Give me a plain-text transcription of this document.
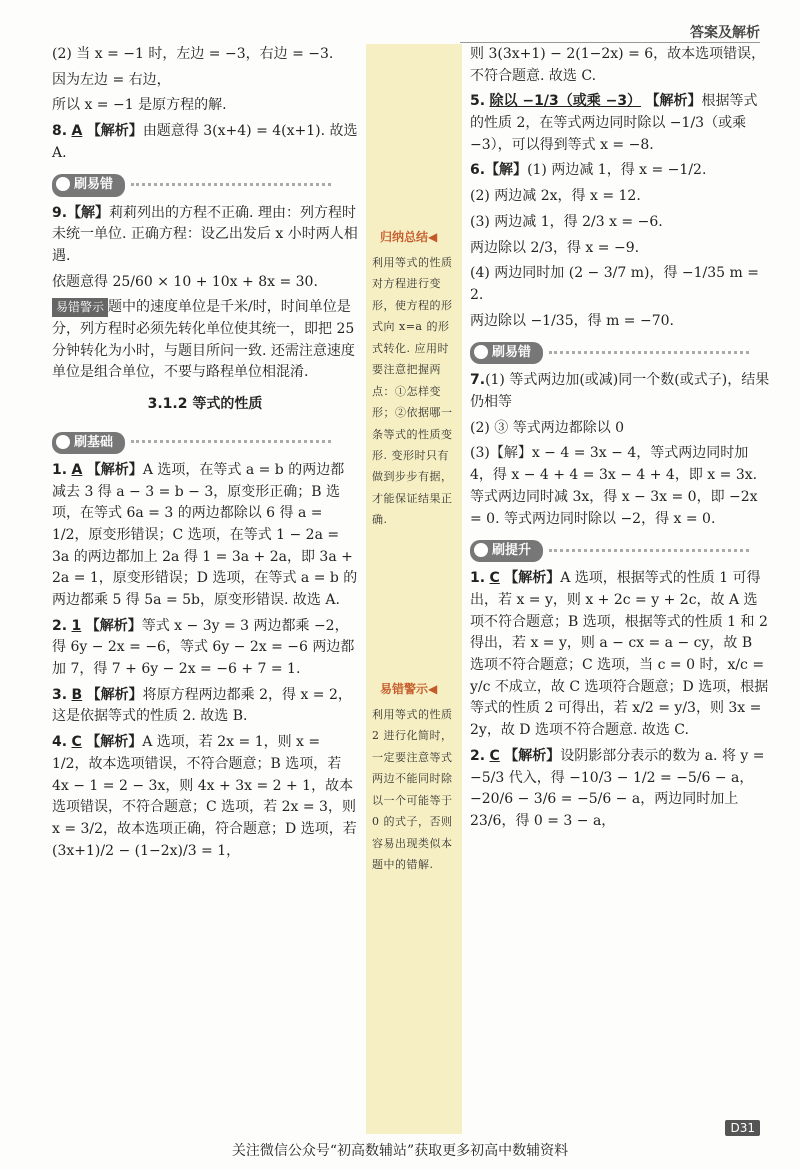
答案及解析
归纳总结◀
利用等式的性质对方程进行变形，使方程的形式向 x=a 的形式转化. 应用时要注意把握两点：①怎样变形；②依据哪一条等式的性质变形. 变形时只有做到步步有据，才能保证结果正确.
易错警示◀
利用等式的性质 2 进行化简时，一定要注意等式两边不能同时除以一个可能等于 0 的式子，否则容易出现类似本题中的错解.

(2) 当 x = −1 时，左边 = −3，右边 = −3.

因为左边 = 右边，

所以 x = −1 是原方程的解.

8. A 【解析】由题意得 3(x+4) = 4(x+1). 故选 A.

刷易错

9.【解】莉莉列出的方程不正确. 理由：列方程时未统一单位. 正确方程：设乙出发后 x 小时两人相遇.

依题意得 25/60 × 10 + 10x + 8x = 30.

易错警示 题中的速度单位是千米/时，时间单位是分，列方程时必须先转化单位使其统一，即把 25 分钟转化为小时，与题目所问一致. 还需注意速度单位是组合单位，不要与路程单位相混淆.

3.1.2 等式的性质
刷基础

1. A 【解析】A 选项，在等式 a = b 的两边都减去 3 得 a − 3 = b − 3，原变形正确；B 选项，在等式 6a = 3 的两边都除以 6 得 a = 1/2，原变形错误；C 选项，在等式 1 − 2a = 3a 的两边都加上 2a 得 1 = 3a + 2a，即 3a + 2a = 1，原变形错误；D 选项，在等式 a = b 的两边都乘 5 得 5a = 5b，原变形错误. 故选 A.

2. 1 【解析】等式 x − 3y = 3 两边都乘 −2，得 6y − 2x = −6，等式 6y − 2x = −6 两边都加 7，得 7 + 6y − 2x = −6 + 7 = 1.

3. B 【解析】将原方程两边都乘 2，得 x = 2，这是依据等式的性质 2. 故选 B.

4. C 【解析】A 选项，若 2x = 1，则 x = 1/2，故本选项错误，不符合题意；B 选项，若 4x − 1 = 2 − 3x，则 4x + 3x = 2 + 1，故本选项错误，不符合题意；C 选项，若 2x = 3，则 x = 3/2，故本选项正确，符合题意；D 选项，若 (3x+1)/2 − (1−2x)/3 = 1，

则 3(3x+1) − 2(1−2x) = 6，故本选项错误，不符合题意. 故选 C.

5. 除以 −1/3（或乘 −3） 【解析】根据等式的性质 2，在等式两边同时除以 −1/3（或乘 −3），可以得到等式 x = −8.

6.【解】(1) 两边减 1，得 x = −1/2.

(2) 两边减 2x，得 x = 12.

(3) 两边减 1，得 2/3 x = −6.

两边除以 2/3，得 x = −9.

(4) 两边同时加 (2 − 3/7 m)，得 −1/35 m = 2.

两边除以 −1/35，得 m = −70.

刷易错

7.(1) 等式两边加(或减)同一个数(或式子)，结果仍相等

(2) ③ 等式两边都除以 0

(3)【解】x − 4 = 3x − 4，等式两边同时加 4，得 x − 4 + 4 = 3x − 4 + 4，即 x = 3x. 等式两边同时减 3x，得 x − 3x = 0，即 −2x = 0. 等式两边同时除以 −2，得 x = 0.

刷提升

1. C 【解析】A 选项，根据等式的性质 1 可得出，若 x = y，则 x + 2c = y + 2c，故 A 选项不符合题意；B 选项，根据等式的性质 1 和 2 得出，若 x = y，则 a − cx = a − cy，故 B 选项不符合题意；C 选项，当 c = 0 时，x/c = y/c 不成立，故 C 选项符合题意；D 选项，根据等式的性质 2 可得出，若 x/2 = y/3，则 3x = 2y，故 D 选项不符合题意. 故选 C.

2. C 【解析】设阴影部分表示的数为 a. 将 y = −5/3 代入，得 −10/3 − 1/2 = −5/6 − a，−20/6 − 3/6 = −5/6 − a，两边同时加上 23/6，得 0 = 3 − a，

D31
关注微信公众号“初高数辅站”获取更多初高中数辅资料
